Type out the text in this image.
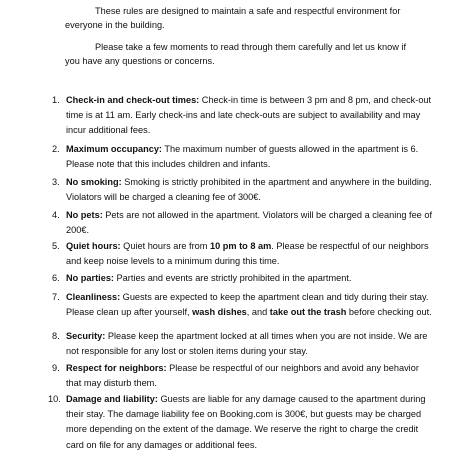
These rules are designed to maintain a safe and respectful environment for
everyone in the building.
Please take a few moments to read through them carefully and let us know if
you have any questions or concerns.
1. Check-in and check-out times: Check-in time is between 3 pm and 8 pm, and check-out time is at 11 am. Early check-ins and late check-outs are subject to availability and may incur additional fees.
2. Maximum occupancy: The maximum number of guests allowed in the apartment is 6. Please note that this includes children and infants.
3. No smoking: Smoking is strictly prohibited in the apartment and anywhere in the building. Violators will be charged a cleaning fee of 300€.
4. No pets: Pets are not allowed in the apartment. Violators will be charged a cleaning fee of 200€.
5. Quiet hours: Quiet hours are from 10 pm to 8 am. Please be respectful of our neighbors and keep noise levels to a minimum during this time.
6. No parties: Parties and events are strictly prohibited in the apartment.
7. Cleanliness: Guests are expected to keep the apartment clean and tidy during their stay. Please clean up after yourself, wash dishes, and take out the trash before checking out.
8. Security: Please keep the apartment locked at all times when you are not inside. We are not responsible for any lost or stolen items during your stay.
9. Respect for neighbors: Please be respectful of our neighbors and avoid any behavior that may disturb them.
10. Damage and liability: Guests are liable for any damage caused to the apartment during their stay. The damage liability fee on Booking.com is 300€, but guests may be charged more depending on the extent of the damage. We reserve the right to charge the credit card on file for any damages or additional fees.
